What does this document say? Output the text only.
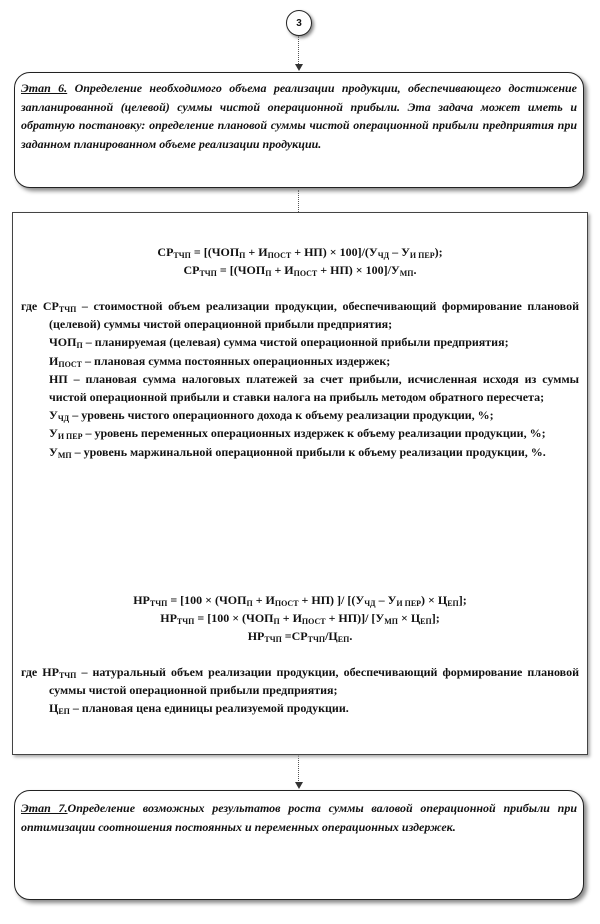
3
Этап 6. Определение необходимого объема реализации продукции, обеспечивающего достижение запланированной (целевой) суммы чистой операционной прибыли. Эта задача может иметь и обратную постановку: определение плановой суммы чистой операционной прибыли предприятия при заданном планированном объеме реализации продукции.
$СР_{ТЧП} = [(ЧОП_П + И_{ПОСТ} + НП) \times 100]/(У_{ЧД} - У_{И ПЕР})$;
$СР_{ТЧП} = [(ЧОП_П + И_{ПОСТ} + НП) \times 100]/У_{МП}$.
где $СР_{ТЧП}$ – стоимостной объем реализации продукции, обеспечивающий формирование плановой (целевой) суммы чистой операционной прибыли предприятия;
$ЧОП_П$ – планируемая (целевая) сумма чистой операционной прибыли предприятия;
$И_{ПОСТ}$ – плановая сумма постоянных операционных издержек;
НП – плановая сумма налоговых платежей за счет прибыли, исчисленная исходя из суммы чистой операционной прибыли и ставки налога на прибыль методом обратного пересчета;
$У_{ЧД}$ – уровень чистого операционного дохода к объему реализации продукции, %;
$У_{И ПЕР}$ – уровень переменных операционных издержек к объему реализации продукции, %;
$У_{МП}$ – уровень маржинальной операционной прибыли к объему реализации продукции, %.
$НР_{ТЧП} = [100 \times (ЧОП_П + И_{ПОСТ} + НП)$ ]/ $[(У_{ЧД} - У_{И ПЕР}) \times Ц_{ЕП}]$;
$НР_{ТЧП} = [100 \times (ЧОП_П + И_{ПОСТ} + НП)]/$ $[У_{МП} \times Ц_{ЕП}]$;
$НР_{ТЧП} =СР_{ТЧП}/Ц_{ЕП}$.
где $НР_{ТЧП}$ – натуральный объем реализации продукции, обеспечивающий формирование плановой суммы чистой операционной прибыли предприятия;
$Ц_{ЕП}$ – плановая цена единицы реализуемой продукции.
Этап 7.Определение возможных результатов роста суммы валовой операционной прибыли при оптимизации соотношения постоянных и переменных операционных издержек.
